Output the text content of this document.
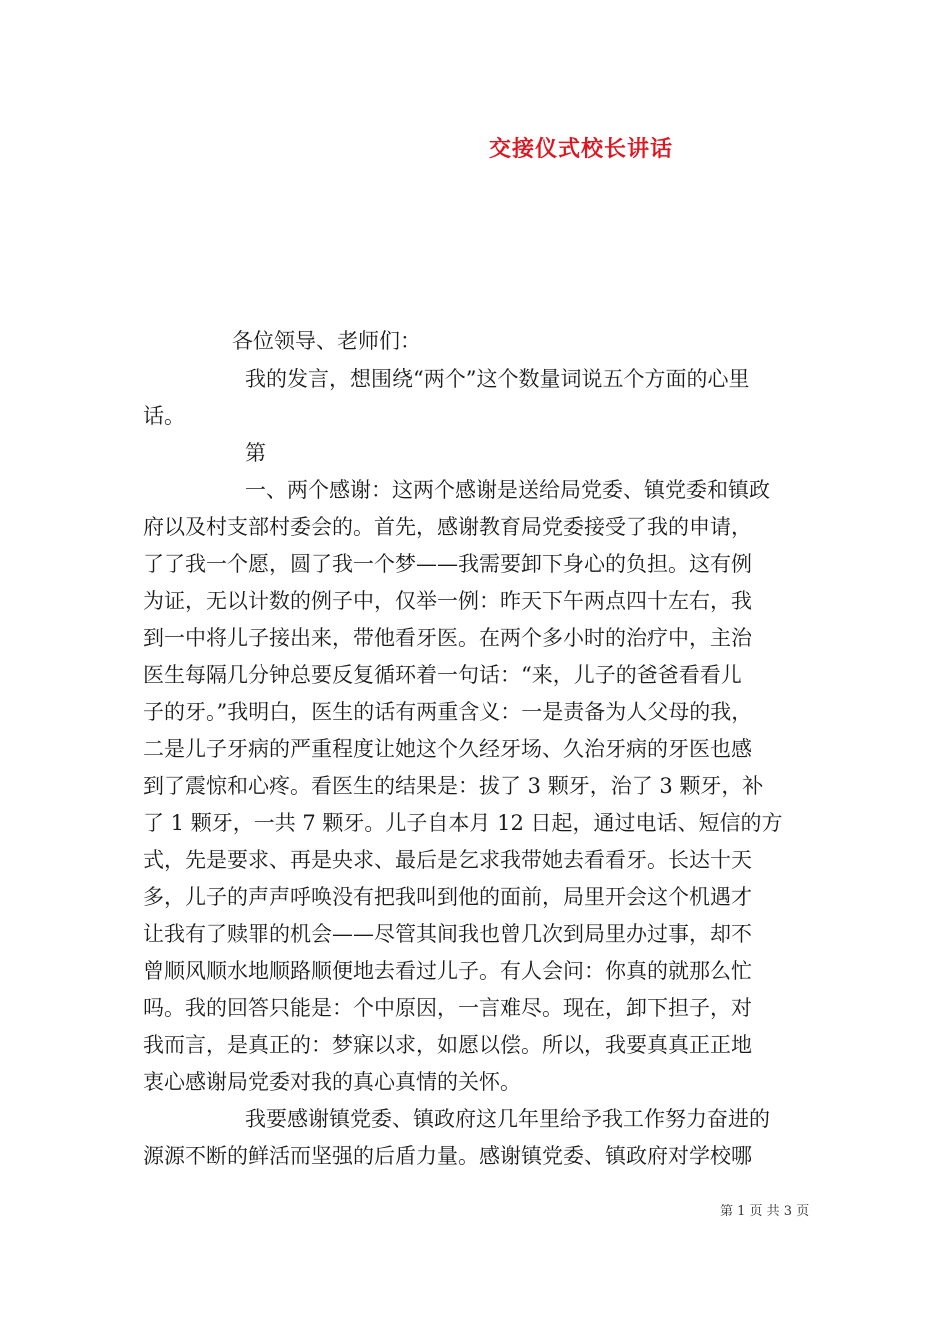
交接仪式校长讲话
各位领导、老师们：
我的发言，想围绕“两个”这个数量词说五个方面的心里
话。
第
一、两个感谢：这两个感谢是送给局党委、镇党委和镇政
府以及村支部村委会的。首先，感谢教育局党委接受了我的申请，
了了我一个愿，圆了我一个梦——我需要卸下身心的负担。这有例
为证，无以计数的例子中，仅举一例：昨天下午两点四十左右，我
到一中将儿子接出来，带他看牙医。在两个多小时的治疗中，主治
医生每隔几分钟总要反复循环着一句话：“来，儿子的爸爸看看儿
子的牙。”我明白，医生的话有两重含义：一是责备为人父母的我，
二是儿子牙病的严重程度让她这个久经牙场、久治牙病的牙医也感
到了震惊和心疼。看医生的结果是：拔了 3 颗牙，治了 3 颗牙，补
了 1 颗牙，一共 7 颗牙。儿子自本月 12 日起，通过电话、短信的方
式，先是要求、再是央求、最后是乞求我带她去看看牙。长达十天
多，儿子的声声呼唤没有把我叫到他的面前，局里开会这个机遇才
让我有了赎罪的机会——尽管其间我也曾几次到局里办过事，却不
曾顺风顺水地顺路顺便地去看过儿子。有人会问：你真的就那么忙
吗。我的回答只能是：个中原因，一言难尽。现在，卸下担子，对
我而言，是真正的：梦寐以求，如愿以偿。所以，我要真真正正地
衷心感谢局党委对我的真心真情的关怀。
我要感谢镇党委、镇政府这几年里给予我工作努力奋进的
源源不断的鲜活而坚强的后盾力量。感谢镇党委、镇政府对学校哪
第 1 页 共 3 页
